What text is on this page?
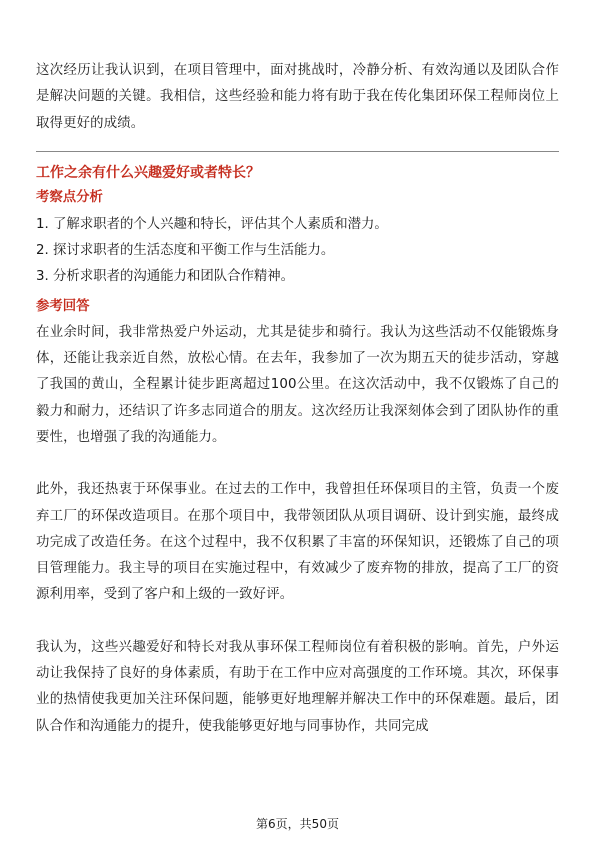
这次经历让我认识到，在项目管理中，面对挑战时，冷静分析、有效沟通以及团队合作是解决问题的关键。我相信，这些经验和能力将有助于我在传化集团环保工程师岗位上取得更好的成绩。

工作之余有什么兴趣爱好或者特长？
考察点分析
1. 了解求职者的个人兴趣和特长，评估其个人素质和潜力。
2. 探讨求职者的生活态度和平衡工作与生活能力。
3. 分析求职者的沟通能力和团队合作精神。
参考回答

在业余时间，我非常热爱户外运动，尤其是徒步和骑行。我认为这些活动不仅能锻炼身体，还能让我亲近自然，放松心情。在去年，我参加了一次为期五天的徒步活动，穿越了我国的黄山，全程累计徒步距离超过100公里。在这次活动中，我不仅锻炼了自己的毅力和耐力，还结识了许多志同道合的朋友。这次经历让我深刻体会到了团队协作的重要性，也增强了我的沟通能力。

此外，我还热衷于环保事业。在过去的工作中，我曾担任环保项目的主管，负责一个废弃工厂的环保改造项目。在那个项目中，我带领团队从项目调研、设计到实施，最终成功完成了改造任务。在这个过程中，我不仅积累了丰富的环保知识，还锻炼了自己的项目管理能力。我主导的项目在实施过程中，有效减少了废弃物的排放，提高了工厂的资源利用率，受到了客户和上级的一致好评。

我认为，这些兴趣爱好和特长对我从事环保工程师岗位有着积极的影响。首先，户外运动让我保持了良好的身体素质，有助于在工作中应对高强度的工作环境。其次，环保事业的热情使我更加关注环保问题，能够更好地理解并解决工作中的环保难题。最后，团队合作和沟通能力的提升，使我能够更好地与同事协作，共同完成

第6页，共50页
